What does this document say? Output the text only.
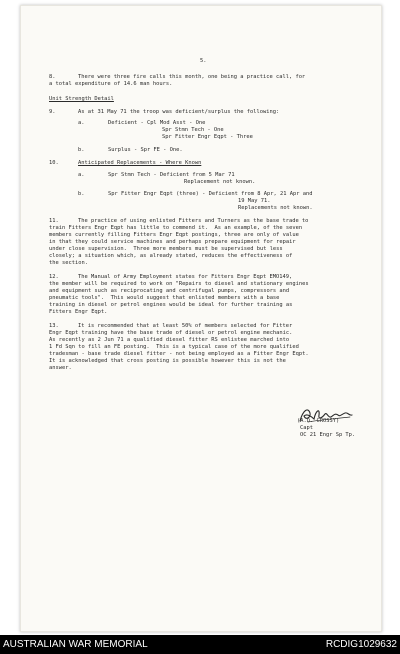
5.
8.	There were three fire calls this month, one being a practice call, for
a total expenditure of 14.6 man hours.
Unit Strength Detail
9.	As at 31 May 71 the troop was deficient/surplus the following:
a.	Deficient - Cpl Mod Asst - One
Spr Stmn Tech - One
Spr Fitter Engr Eqpt - Three
b.	Surplus - Spr FE - One.
10.	Anticipated Replacements - Where Known
a.	Spr Stmn Tech - Deficient from 5 Mar 71
Replacement not known.
b.	Spr Fitter Engr Eqpt (three) - Deficient from 8 Apr, 21 Apr and
19 May 71.
Replacements not known.
11.	The practice of using enlisted Fitters and Turners as the base trade to
train Fitters Engr Eqpt has little to commend it.  As an example, of the seven
members currently filling Fitters Engr Eqpt postings, three are only of value
in that they could service machines and perhaps prepare equipment for repair
under close supervision.  Three more members must be supervised but less
closely; a situation which, as already stated, reduces the effectiveness of
the section.
12.	The Manual of Army Employment states for Fitters Engr Eqpt EMO149,
the member will be required to work on "Repairs to diesel and stationary engines
and equipment such as reciprocating and centrifugal pumps, compressors and
pneumatic tools".  This would suggest that enlisted members with a base
training in diesel or petrol engines would be ideal for further training as
Fitters Engr Eqpt.
13.	It is recommended that at least 50% of members selected for Fitter
Engr Eqpt training have the base trade of diesel or petrol engine mechanic.
As recently as 2 Jun 71 a qualified diesel fitter RS enlistee marched into
1 Fd Sqn to fill an FE posting.  This is a typical case of the more qualified
tradesman - base trade diesel fitter - not being employed as a Fitter Engr Eqpt.
It is acknowledged that cross posting is possible however this is not the
answer.
(A.D. CROSSY)
Capt
OC 21 Engr Sp Tp.
AUSTRALIAN WAR MEMORIAL	RCDIG1029632
